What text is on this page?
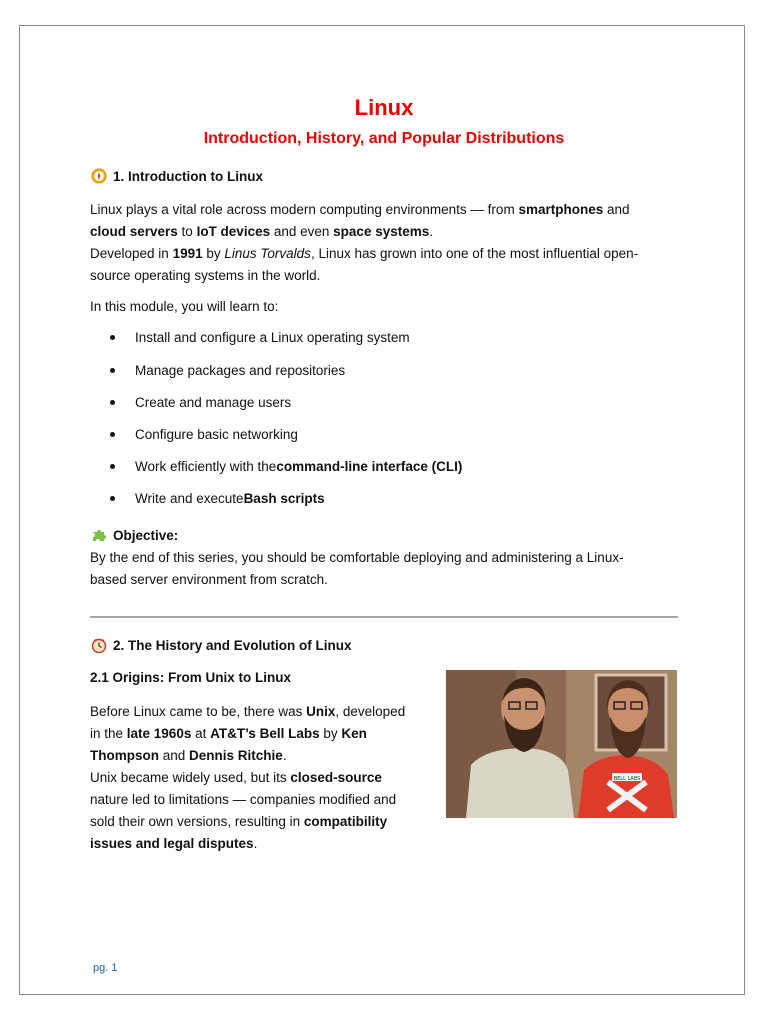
Linux
Introduction, History, and Popular Distributions
1. Introduction to Linux
Linux plays a vital role across modern computing environments — from smartphones and
cloud servers to IoT devices and even space systems.
Developed in 1991 by Linus Torvalds, Linux has grown into one of the most influential open-
source operating systems in the world.
In this module, you will learn to:
Install and configure a Linux operating system
Manage packages and repositories
Create and manage users
Configure basic networking
Work efficiently with the command-line interface (CLI)
Write and execute Bash scripts
Objective:
By the end of this series, you should be comfortable deploying and administering a Linux-
based server environment from scratch.
2. The History and Evolution of Linux
2.1 Origins: From Unix to Linux
Before Linux came to be, there was Unix, developed
in the late 1960s at AT&T’s Bell Labs by Ken
Thompson and Dennis Ritchie.
Unix became widely used, but its closed-source
nature led to limitations — companies modified and
sold their own versions, resulting in compatibility
issues and legal disputes.
BELL LABS
pg. 1
